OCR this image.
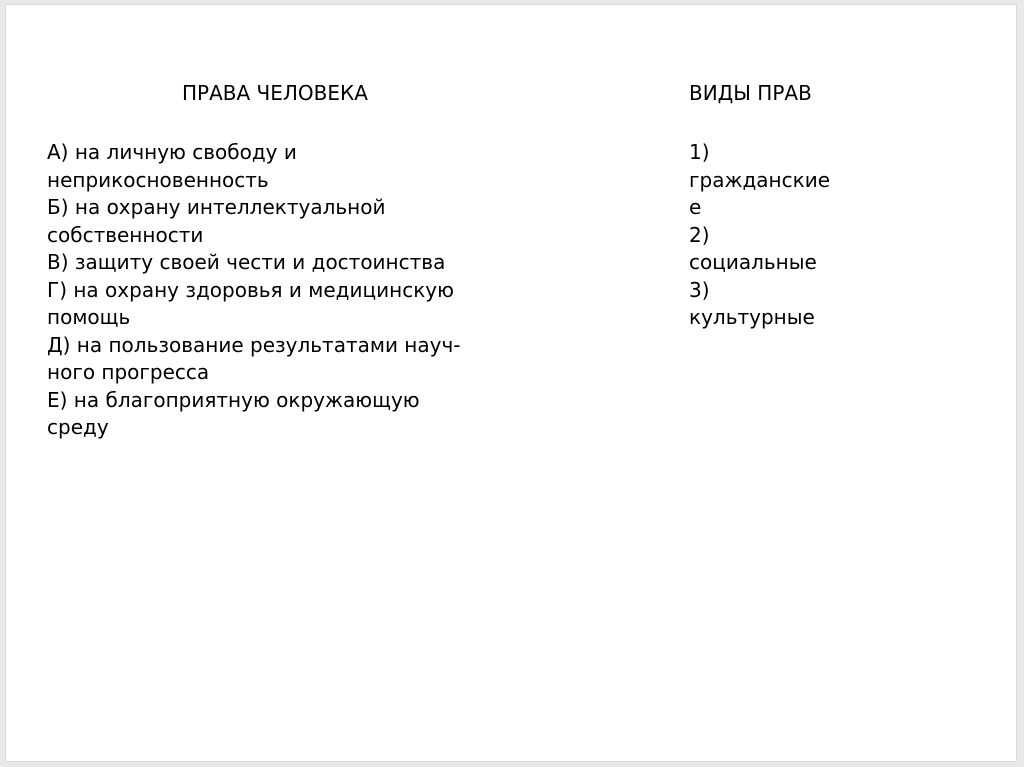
ПРАВА ЧЕЛОВЕКА	ВИДЫ ПРАВ
А) на личную свободу и
неприкосновенность
Б) на охрану интеллектуальной
собственности
В) защиту своей чести и достоинства
Г) на охрану здоровья и медицинскую
помощь
Д) на пользование результатами науч-
ного прогресса
Е) на благоприятную окружающую
среду
1)
гражданские
е
2)
социальные
3)
культурные
